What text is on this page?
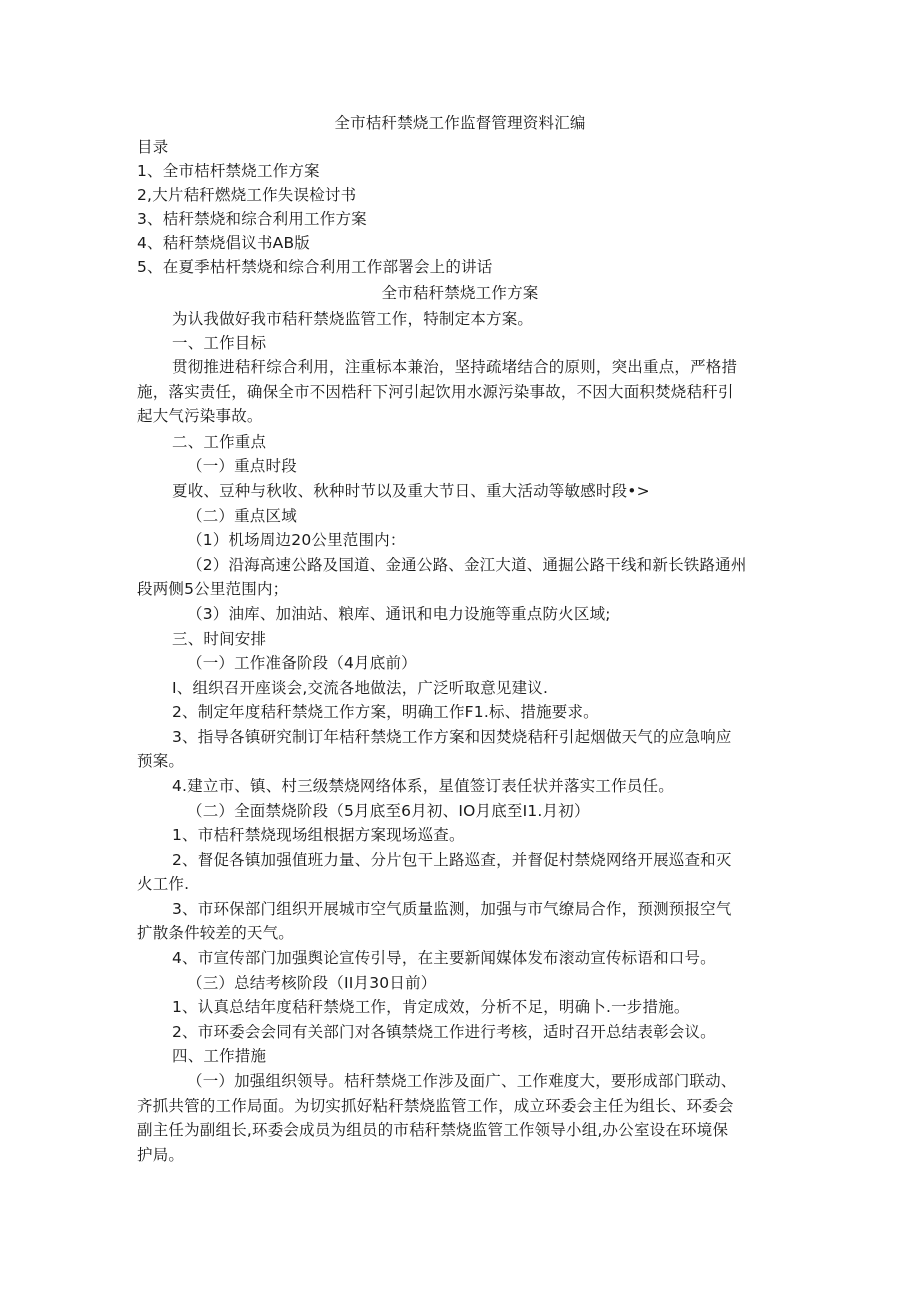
全市桔秆禁烧工作监督管理资料汇编
目录
1、全市桔杆禁烧工作方案
2,大片秸秆燃烧工作失误检讨书
3、桔秆禁烧和综合利用工作方案
4、秸秆禁烧倡议书AB版
5、在夏季枯杆禁烧和综合利用工作部署会上的讲话
全市秸秆禁烧工作方案
为认我做好我市秸秆禁烧监管工作，特制定本方案。
一、工作目标
贯彻推进秸秆综合利用，注重标本兼治，坚持疏堵结合的原则，突出重点，严格措
施，落实责任，确保全市不因梏秆下河引起饮用水源污染事故，不因大面积焚烧秸秆引
起大气污染事故。
二、工作重点
（一）重点时段
夏收、豆种与秋收、秋种时节以及重大节日、重大活动等敏感时段•>
（二）重点区域
（1）机场周边20公里范围内：
（2）沿海高速公路及国道、金通公路、金江大道、通掘公路干线和新长铁路通州
段两侧5公里范围内；
（3）油库、加油站、粮库、通讯和电力设施等重点防火区域;
三、时间安排
（一）工作准备阶段（4月底前）
I、组织召开座谈会,交流各地做法，广泛听取意见建议.
2、制定年度秸秆禁烧工作方案，明确工作F1.标、措施要求。
3、指导各镇研究制订年桔秆禁烧工作方案和因焚烧秸秆引起烟做天气的应急响应
预案。
4.建立市、镇、村三级禁烧网络体系，星值签订表任状并落实工作员任。
（二）全面禁烧阶段（5月底至6月初、IO月底至I1.月初）
1、市桔秆禁烧现场组根据方案现场巡查。
2、督促各镇加强值班力量、分片包干上路巡查，并督促村禁烧网络开展巡查和灭
火工作.
3、市环保部门组织开展城市空气质量监测，加强与市气缭局合作，预测预报空气
扩散条件较差的天气。
4、市宣传部门加强舆论宣传引导，在主要新闻媒体发布滚动宣传标语和口号。
（三）总结考核阶段（II月30日前）
1、认真总结年度秸秆禁烧工作，肯定成效，分析不足，明确卜.一步措施。
2、市环委会会同有关部门对各镇禁烧工作进行考核，适时召开总结表彰会议。
四、工作措施
（一）加强组织领导。桔秆禁烧工作涉及面广、工作难度大，要形成部门联动、
齐抓共管的工作局面。为切实抓好粘秆禁烧监管工作，成立环委会主任为组长、环委会
副主任为副组长,环委会成员为组员的市秸秆禁烧监管工作领导小组,办公室设在环境保
护局。
